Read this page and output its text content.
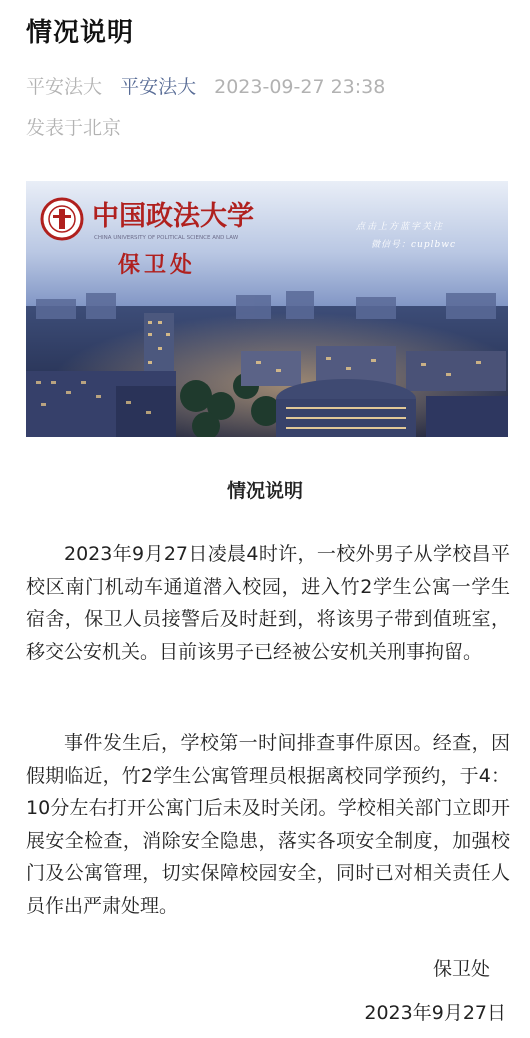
情况说明
平安法大 平安法大 2023-09-27 23:38
发表于北京
中国政法大学
CHINA UNIVERSITY OF POLITICAL SCIENCE AND LAW
保卫处
点击上方蓝字关注
微信号：cuplbwc
情况说明

2023年9月27日凌晨4时许，一校外男子从学校昌平校区南门机动车通道潜入校园，进入竹2学生公寓一学生宿舍，保卫人员接警后及时赶到，将该男子带到值班室，移交公安机关。目前该男子已经被公安机关刑事拘留。

事件发生后，学校第一时间排查事件原因。经查，因假期临近，竹2学生公寓管理员根据离校同学预约，于4：10分左右打开公寓门后未及时关闭。学校相关部门立即开展安全检查，消除安全隐患，落实各项安全制度，加强校门及公寓管理，切实保障校园安全，同时已对相关责任人员作出严肃处理。

保卫处
2023年9月27日
